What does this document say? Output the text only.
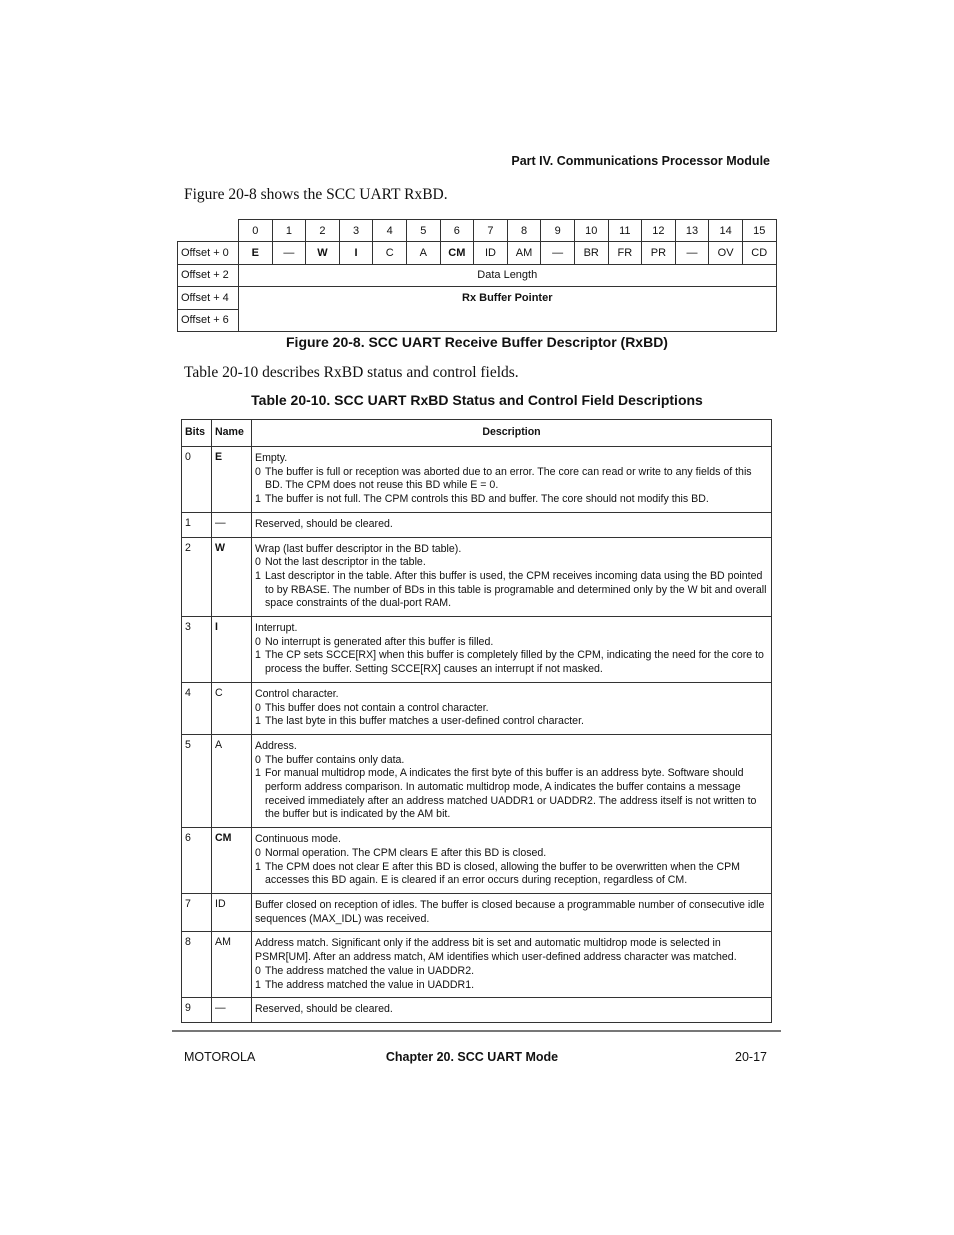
Part IV. Communications Processor Module
Figure 20-8 shows the SCC UART RxBD.
	0	1	2	3	4	5	6	7	8	9	10	11	12	13	14	15
Offset + 0	E	—	W	I	C	A	CM	ID	AM	—	BR	FR	PR	—	OV	CD
Offset + 2	Data Length															
Offset + 4	Rx Buffer Pointer															
Offset + 6																
Figure 20-8. SCC UART Receive Buffer Descriptor (RxBD)
Table 20-10 describes RxBD status and control fields.
Table 20-10. SCC UART RxBD Status and Control Field Descriptions
Bits	Name	Description
0	E	Empty.
0 The buffer is full or reception was aborted due to an error. The core can read or write to any fields of this BD. The CPM does not reuse this BD while E = 0.
1 The buffer is not full. The CPM controls this BD and buffer. The core should not modify this BD.

1	—	Reserved, should be cleared.

2	W	Wrap (last buffer descriptor in the BD table).
0 Not the last descriptor in the table.
1 Last descriptor in the table. After this buffer is used, the CPM receives incoming data using the BD pointed to by RBASE. The number of BDs in this table is programable and determined only by the W bit and overall space constraints of the dual-port RAM.

3	I	Interrupt.
0 No interrupt is generated after this buffer is filled.
1 The CP sets SCCE[RX] when this buffer is completely filled by the CPM, indicating the need for the core to process the buffer. Setting SCCE[RX] causes an interrupt if not masked.

4	C	Control character.
0 This buffer does not contain a control character.
1 The last byte in this buffer matches a user-defined control character.

5	A	Address.
0 The buffer contains only data.
1 For manual multidrop mode, A indicates the first byte of this buffer is an address byte. Software should perform address comparison. In automatic multidrop mode, A indicates the buffer contains a message received immediately after an address matched UADDR1 or UADDR2. The address itself is not written to the buffer but is indicated by the AM bit.

6	CM	Continuous mode.
0 Normal operation. The CPM clears E after this BD is closed.
1 The CPM does not clear E after this BD is closed, allowing the buffer to be overwritten when the CPM accesses this BD again. E is cleared if an error occurs during reception, regardless of CM.

7	ID	Buffer closed on reception of idles. The buffer is closed because a programmable number of consecutive idle sequences (MAX_IDL) was received.

8	AM	Address match. Significant only if the address bit is set and automatic multidrop mode is selected in PSMR[UM]. After an address match, AM identifies which user-defined address character was matched.
0 The address matched the value in UADDR2.
1 The address matched the value in UADDR1.

9	—	Reserved, should be cleared.
MOTOROLA	Chapter 20. SCC UART Mode	20-17
